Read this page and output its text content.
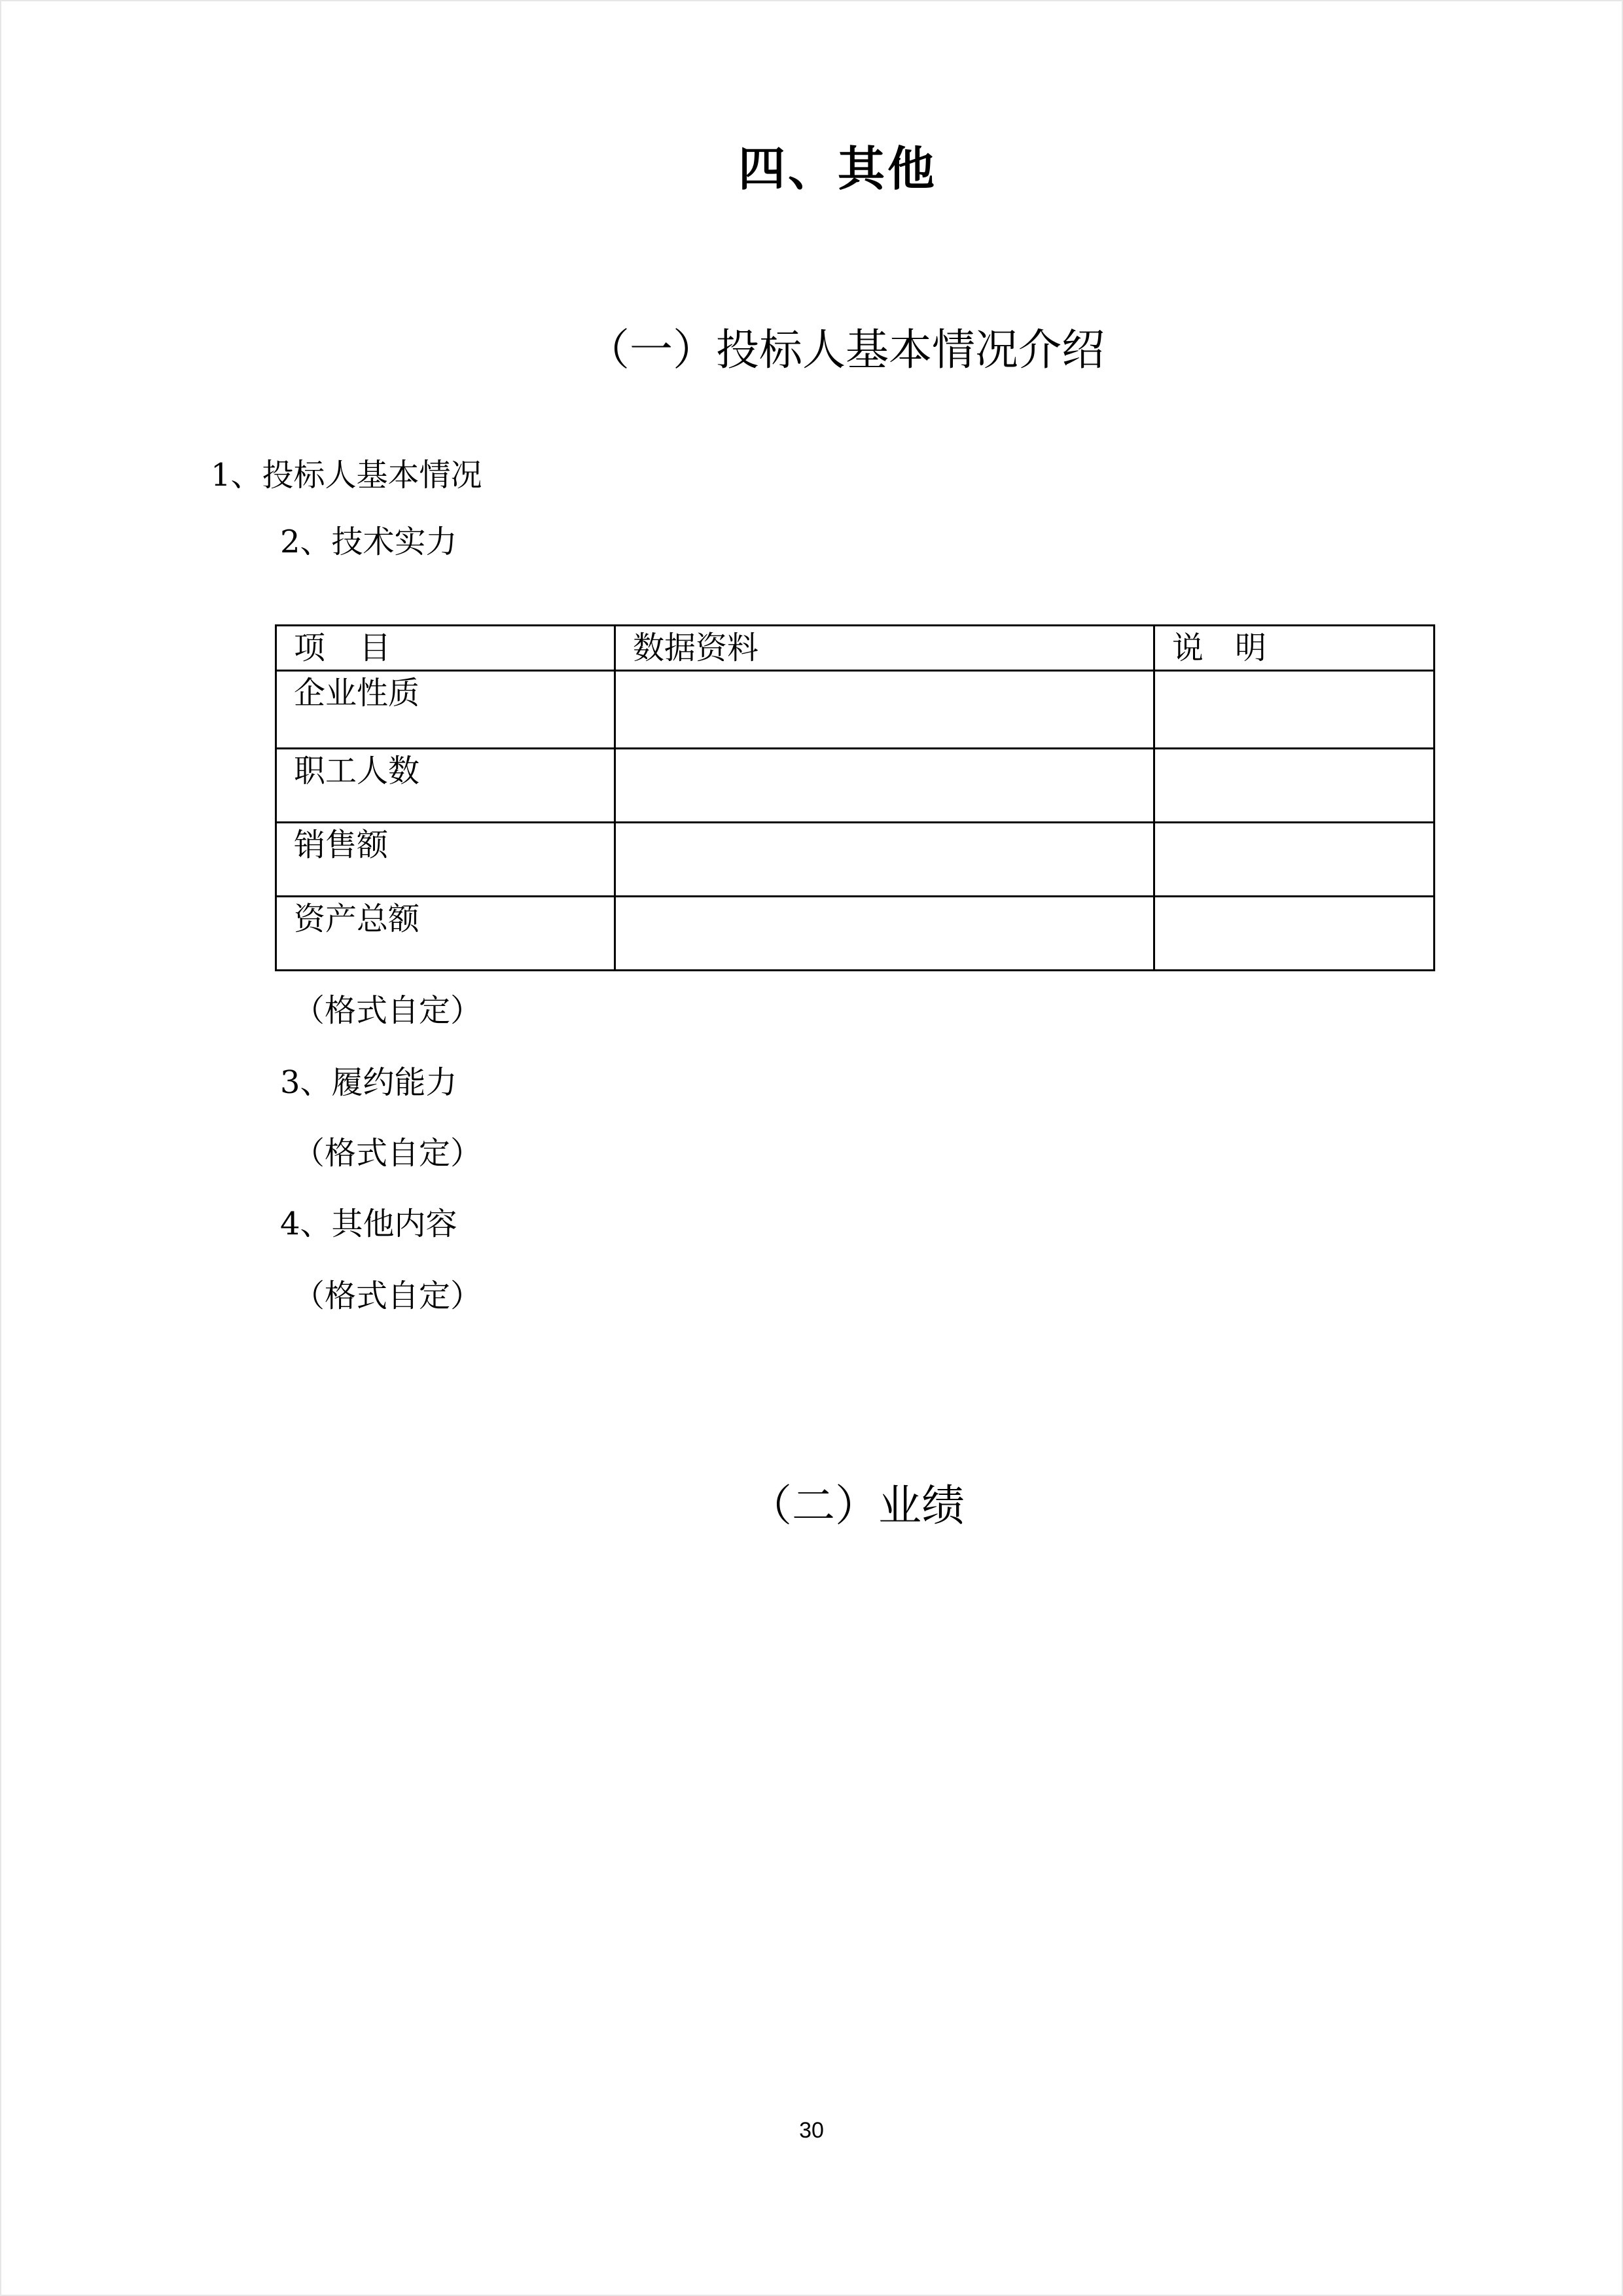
四、其他
（一）投标人基本情况介绍
1、投标人基本情况
2、技术实力
项　目	数据资料	说　明
企业性质		
职工人数		
销售额		
资产总额		
（格式自定）
3、履约能力
（格式自定）
4、其他内容
（格式自定）
（二）业绩
30
